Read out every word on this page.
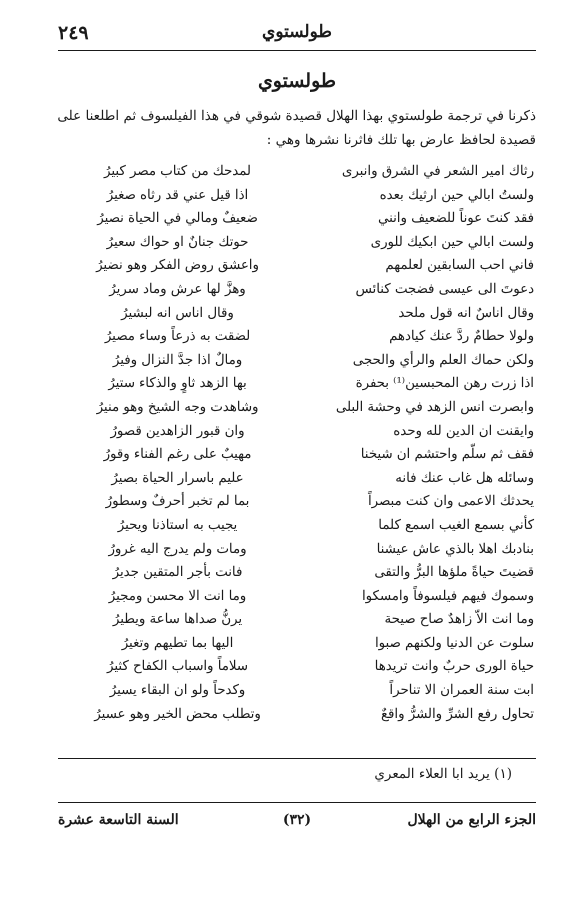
طولستوي
٢٤٩
طولستوي
ذكرنا في ترجمة طولستوي بهذا الهلال قصيدة شوقي في هذا الفيلسوف ثم اطلعنا على
قصيدة لحافظ عارض بها تلك فاثرنا نشرها وهي :
رثاك امير الشعر في الشرق وانبرى
لمدحك من كتاب مصر كبيرُ
ولستُ ابالي حين ارثيك بعده
اذا قيل عني قد رثاه صغيرُ
فقد كنتَ عوناً للضعيف وانني
ضعيفٌ ومالي في الحياة نصيرُ
ولست ابالي حين ابكيك للورى
حوتك جنانٌ او حواك سعيرُ
فاني احب السابقين لعلمهم
واعشق روض الفكر وهو نضيرُ
دعوتَ الى عيسى فضجت كنائس
وهزَّ لها عرش وماد سريرُ
وقال اناسٌ انه قول ملحد
وقال اناس انه لبشيرُ
ولولا حطامٌ ردَّ عنك كيادهم
لضقت به ذرعاً وساء مصيرُ
ولكن حماك العلم والرأي والحجى
ومالٌ اذا جدَّ النزال وفيرُ
اذا زرت رهن المحبسين⁽¹⁾ بحفرة
بها الزهد ثاوٍ والذكاء ستيرُ
وابصرت انس الزهد في وحشة البلى
وشاهدت وجه الشيخ وهو منيرُ
وايقنت ان الدين لله وحده
وان قبور الزاهدين قصورُ
فقف ثم سلّم واحتشم ان شيخنا
مهيبٌ على رغم الفناء وقورُ
وسائله هل غاب عنك فانه
عليم باسرار الحياة بصيرُ
يحدثك الاعمى وان كنت مبصراً
بما لم تخبر أحرفٌ وسطورُ
كأني بسمع الغيب اسمع كلما
يجيب به استاذنا ويحيرُ
بنادبك اهلا بالذي عاش عيشنا
ومات ولم يدرج اليه غرورُ
قضيتَ حياةً ملؤها البرُّ والتقى
فانت بأجر المتقين جديرُ
وسموك فيهم فيلسوفاً وامسكوا
وما انت الا محسن ومجيرُ
وما انت الاّ زاهدٌ صاح صيحة
يرنُّ صداها ساعة ويطيرُ
سلوت عن الدنيا ولكنهم صبوا
اليها بما تطيهم وتغيرُ
حياة الورى حربٌ وانت تريدها
سلاماً واسباب الكفاح كثيرُ
ابت سنة العمران الا تناحراً
وكدحاً ولو ان البقاء يسيرُ
تحاول رفع الشرِّ والشرُّ واقعٌ
وتطلب محض الخير وهو عسيرُ
(١) يريد ابا العلاء المعري
الجزء الرابع من الهلال
(٣٢)
السنة التاسعة عشرة
